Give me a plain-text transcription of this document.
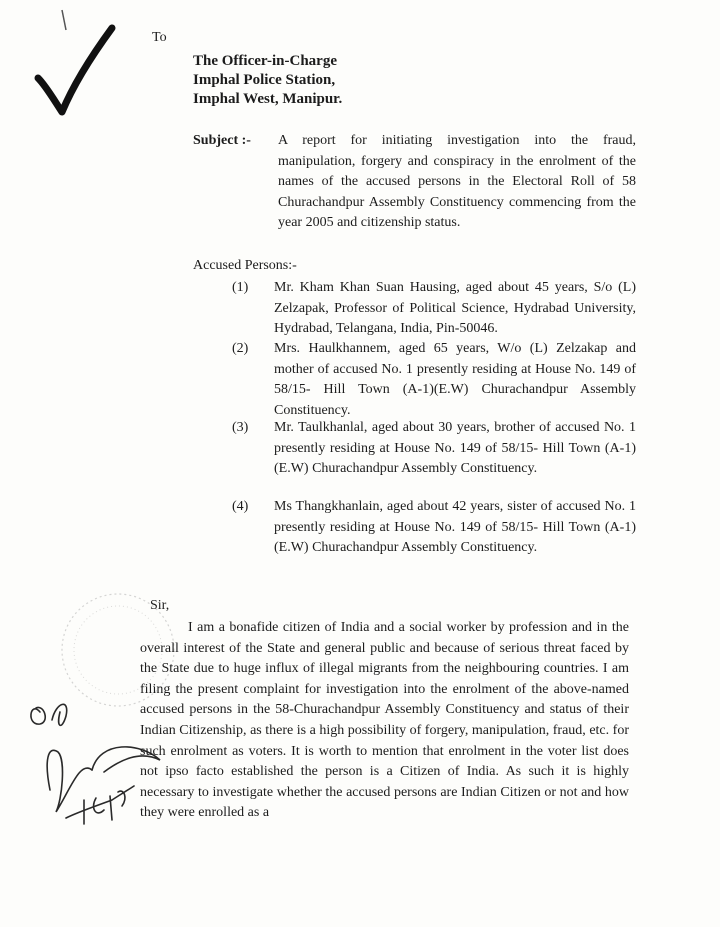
To
The Officer-in-Charge
Imphal Police Station,
Imphal West, Manipur.
Subject :- A report for initiating investigation into the fraud, manipulation, forgery and conspiracy in the enrolment of the names of the accused persons in the Electoral Roll of 58 Churachandpur Assembly Constituency commencing from the year 2005 and citizenship status.
Accused Persons:-
(1) Mr. Kham Khan Suan Hausing, aged about 45 years, S/o (L) Zelzapak, Professor of Political Science, Hydrabad University, Hydrabad, Telangana, India, Pin-50046.
(2) Mrs. Haulkhannem, aged 65 years, W/o (L) Zelzakap and mother of accused No. 1 presently residing at House No. 149 of 58/15- Hill Town (A-1)(E.W) Churachandpur Assembly Constituency.
(3) Mr. Taulkhanlal, aged about 30 years, brother of accused No. 1 presently residing at House No. 149 of 58/15- Hill Town (A-1)(E.W) Churachandpur Assembly Constituency.
(4) Ms Thangkhanlain, aged about 42 years, sister of accused No. 1 presently residing at House No. 149 of 58/15- Hill Town (A-1)(E.W) Churachandpur Assembly Constituency.
Sir,
I am a bonafide citizen of India and a social worker by profession and in the overall interest of the State and general public and because of serious threat faced by the State due to huge influx of illegal migrants from the neighbouring countries. I am filing the present complaint for investigation into the enrolment of the above-named accused persons in the 58-Churachandpur Assembly Constituency and status of their Indian Citizenship, as there is a high possibility of forgery, manipulation, fraud, etc. for such enrolment as voters. It is worth to mention that enrolment in the voter list does not ipso facto established the person is a Citizen of India. As such it is highly necessary to investigate whether the accused persons are Indian Citizen or not and how they were enrolled as a
